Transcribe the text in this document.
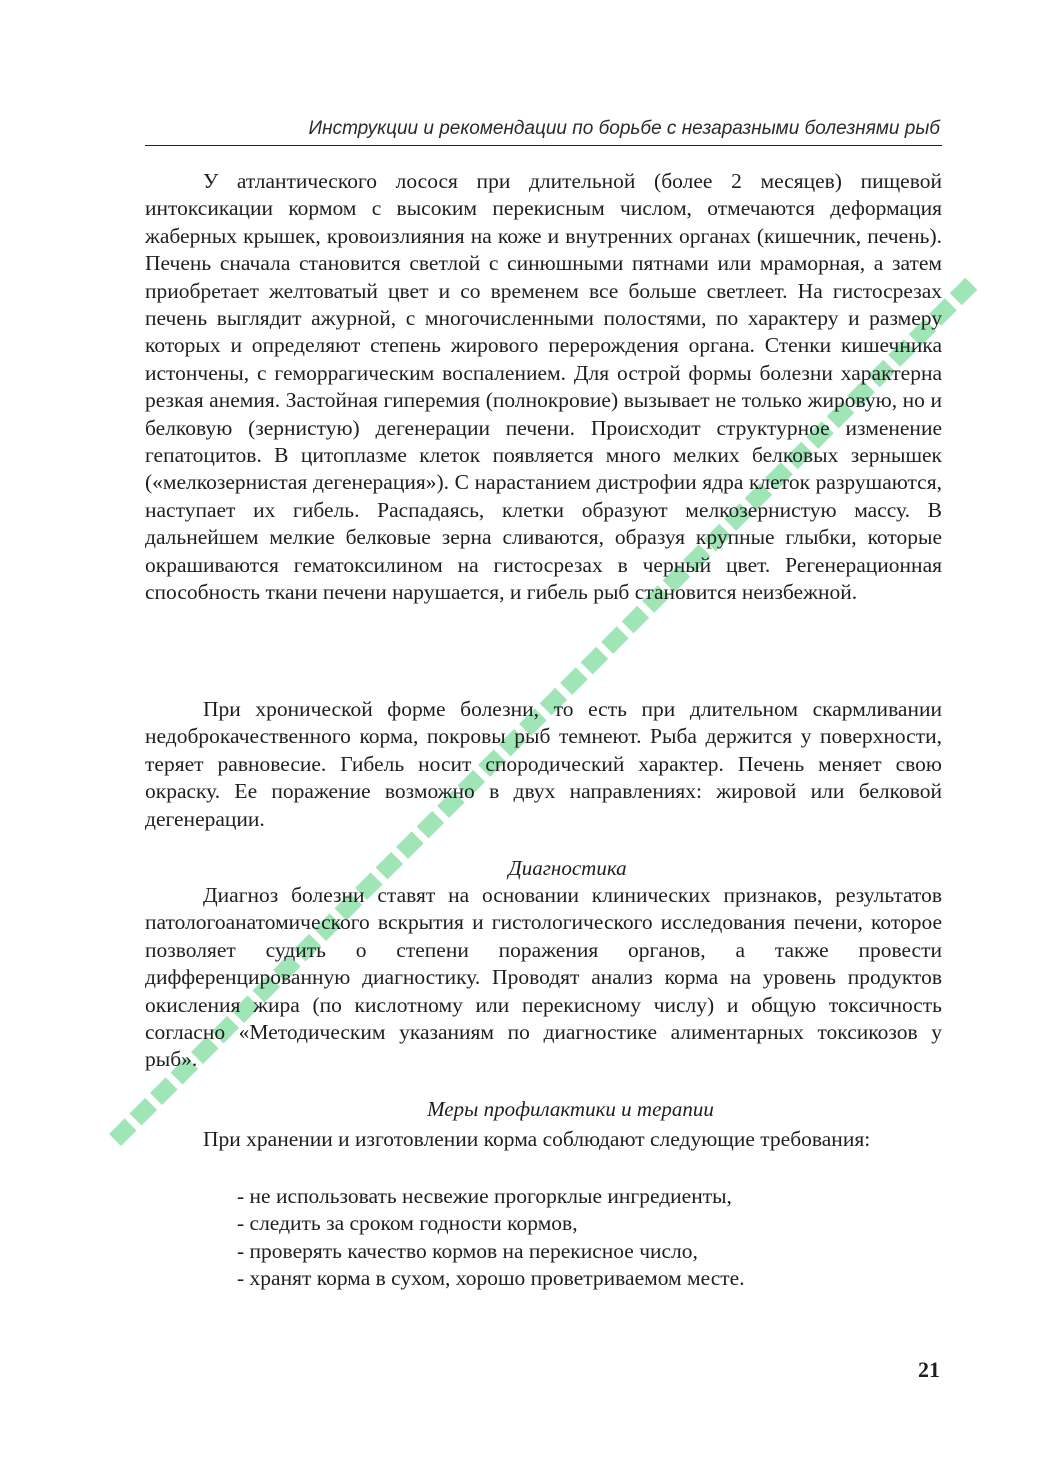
Инструкции и рекомендации по борьбе с незаразными болезнями рыб

У атлантического лосося при длительной (более 2 месяцев) пищевой интоксикации кормом с высоким перекисным числом, отмечаются деформация жаберных крышек, кровоизлияния на коже и внутренних органах (кишечник, печень). Печень сначала становится светлой с синюшными пятнами или мраморная, а затем приобретает желтоватый цвет и со временем все больше светлеет. На гистосрезах печень выглядит ажурной, с многочисленными полостями, по характеру и размеру которых и определяют степень жирового перерождения органа. Стенки кишечника истончены, с геморрагическим воспалением. Для острой формы болезни характерна резкая анемия. Застойная гиперемия (полнокровие) вызывает не только жировую, но и белковую (зернистую) дегенерации печени. Происходит структурное изменение гепатоцитов. В цитоплазме клеток появляется много мелких белковых зернышек («мелкозернистая дегенерация»). С нарастанием дистрофии ядра клеток разрушаются, наступает их гибель. Распадаясь, клетки образуют мелкозернистую массу. В дальнейшем мелкие белковые зерна сливаются, образуя крупные глыбки, которые окрашиваются гематоксилином на гистосрезах в черный цвет. Регенерационная способность ткани печени нарушается, и гибель рыб становится неизбежной.

При хронической форме болезни, то есть при длительном скармливании недоброкачественного корма, покровы рыб темнеют. Рыба держится у поверхности, теряет равновесие. Гибель носит спородический характер. Печень меняет свою окраску. Ее поражение возможно в двух направлениях: жировой или белковой дегенерации.

Диагностика

Диагноз болезни ставят на основании клинических признаков, результатов патологоанатомического вскрытия и гистологического исследования печени, которое позволяет судить о степени поражения органов, а также провести дифференцированную диагностику. Проводят анализ корма на уровень продуктов окисления жира (по кислотному или перекисному числу) и общую токсичность согласно «Методическим указаниям по диагностике алиментарных токсикозов у рыб».

Меры профилактики и терапии

При хранении и изготовлении корма соблюдают следующие требования:

- не использовать несвежие прогорклые ингредиенты,
- следить за сроком годности кормов,
- проверять качество кормов на перекисное число,
- хранят корма в сухом, хорошо проветриваемом месте.
21
